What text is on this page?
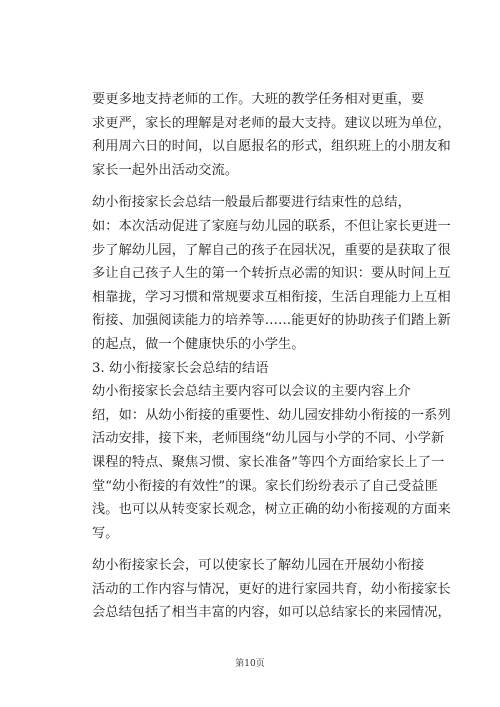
要更多地支持老师的工作。大班的教学任务相对更重，要
求更严，家长的理解是对老师的最大支持。建议以班为单位，
利用周六日的时间，以自愿报名的形式，组织班上的小朋友和
家长一起外出活动交流。

幼小衔接家长会总结一般最后都要进行结束性的总结，
如：本次活动促进了家庭与幼儿园的联系，不但让家长更进一
步了解幼儿园，了解自己的孩子在园状况，重要的是获取了很
多让自己孩子人生的第一个转折点必需的知识：要从时间上互
相靠拢，学习习惯和常规要求互相衔接，生活自理能力上互相
衔接、加强阅读能力的培养等……能更好的协助孩子们踏上新
的起点，做一个健康快乐的小学生。

3. 幼小衔接家长会总结的结语

幼小衔接家长会总结主要内容可以会议的主要内容上介
绍，如：从幼小衔接的重要性、幼儿园安排幼小衔接的一系列
活动安排，接下来，老师围绕“幼儿园与小学的不同、小学新
课程的特点、聚焦习惯、家长准备”等四个方面给家长上了一
堂“幼小衔接的有效性”的课。家长们纷纷表示了自己受益匪
浅。也可以从转变家长观念，树立正确的幼小衔接观的方面来
写。

幼小衔接家长会，可以使家长了解幼儿园在开展幼小衔接
活动的工作内容与情况，更好的进行家园共育，幼小衔接家长
会总结包括了相当丰富的内容，如可以总结家长的来园情况，

第10页
